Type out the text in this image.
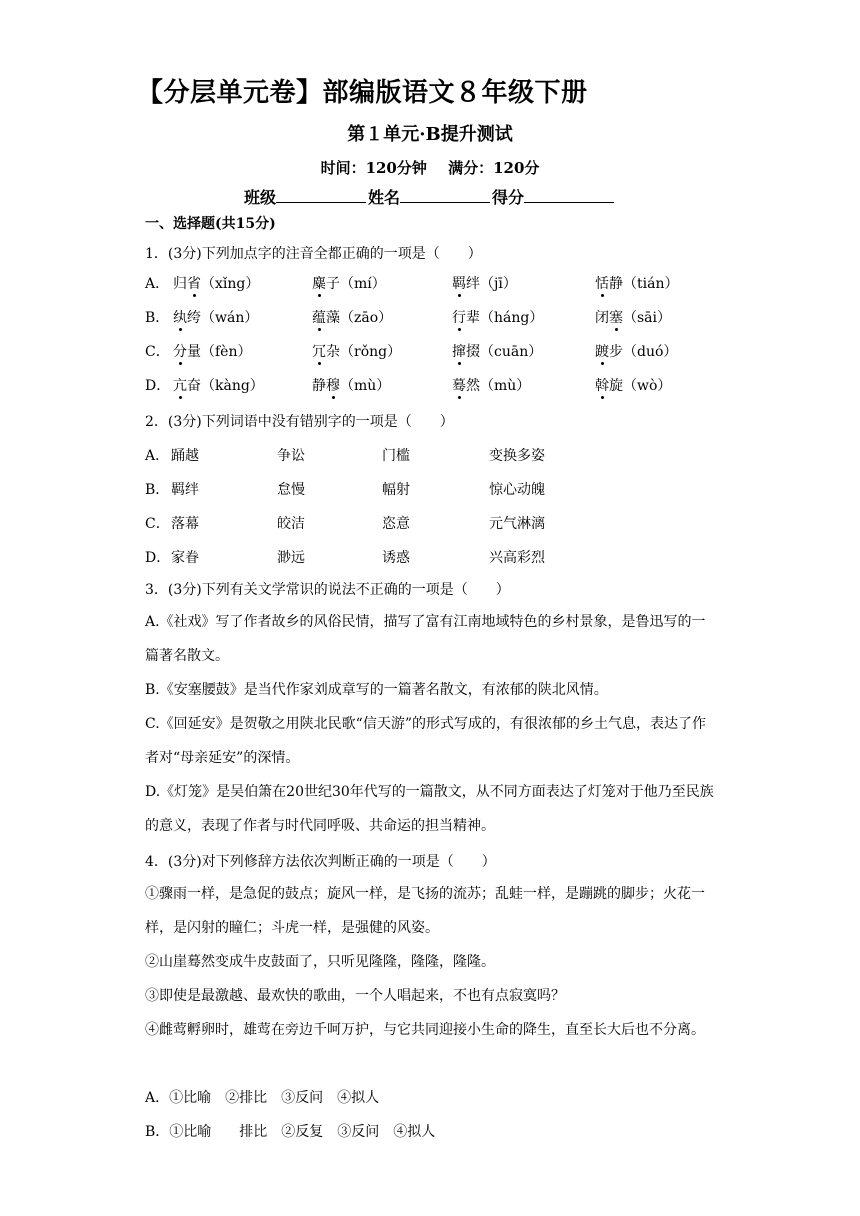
【分层单元卷】部编版语文８年级下册
第１单元·B提升测试
时间：120分钟 满分：120分
班级	姓名	得分
一、选择题(共15分)
1．(3分)下列加点字的注音全都正确的一项是（　　）
A． 归省（xǐng）	麋子（mí）	羁绊（jī）	恬静（tián）
B． 纨绔（wán）	蕴藻（zāo）	行辈（háng）	闭塞（sāi）
C． 分量（fèn）	冗杂（rǒng）	撺掇（cuān）	踱步（duó）
D． 亢奋（kàng）	静穆（mù）	蓦然（mù）	斡旋（wò）
2．(3分)下列词语中没有错别字的一项是（　　）
A． 踊越	争讼	门槛	变换多姿
B． 羁绊	怠慢	幅射	惊心动魄
C． 落幕	皎洁	恣意	元气淋漓
D． 家眷	渺远	诱惑	兴高彩烈
3．(3分)下列有关文学常识的说法不正确的一项是（　　）
A.《社戏》写了作者故乡的风俗民情，描写了富有江南地域特色的乡村景象，是鲁迅写的一篇著名散文。
B.《安塞腰鼓》是当代作家刘成章写的一篇著名散文，有浓郁的陕北风情。
C.《回延安》是贺敬之用陕北民歌“信天游”的形式写成的，有很浓郁的乡土气息，表达了作者对“母亲延安”的深情。
D.《灯笼》是吴伯箫在20世纪30年代写的一篇散文，从不同方面表达了灯笼对于他乃至民族的意义，表现了作者与时代同呼吸、共命运的担当精神。
4．(3分)对下列修辞方法依次判断正确的一项是（　　）
①骤雨一样，是急促的鼓点；旋风一样，是飞扬的流苏；乱蛙一样，是蹦跳的脚步；火花一样，是闪射的瞳仁；斗虎一样，是强健的风姿。
②山崖蓦然变成牛皮鼓面了，只听见隆隆，隆隆，隆隆。
③即使是最激越、最欢快的歌曲，一个人唱起来，不也有点寂寞吗？
④雌莺孵卵时，雄莺在旁边千呵万护，与它共同迎接小生命的降生，直至长大后也不分离。
A．①比喻　②排比　③反问　④拟人
B．①比喻　　排比　②反复　③反问　④拟人
